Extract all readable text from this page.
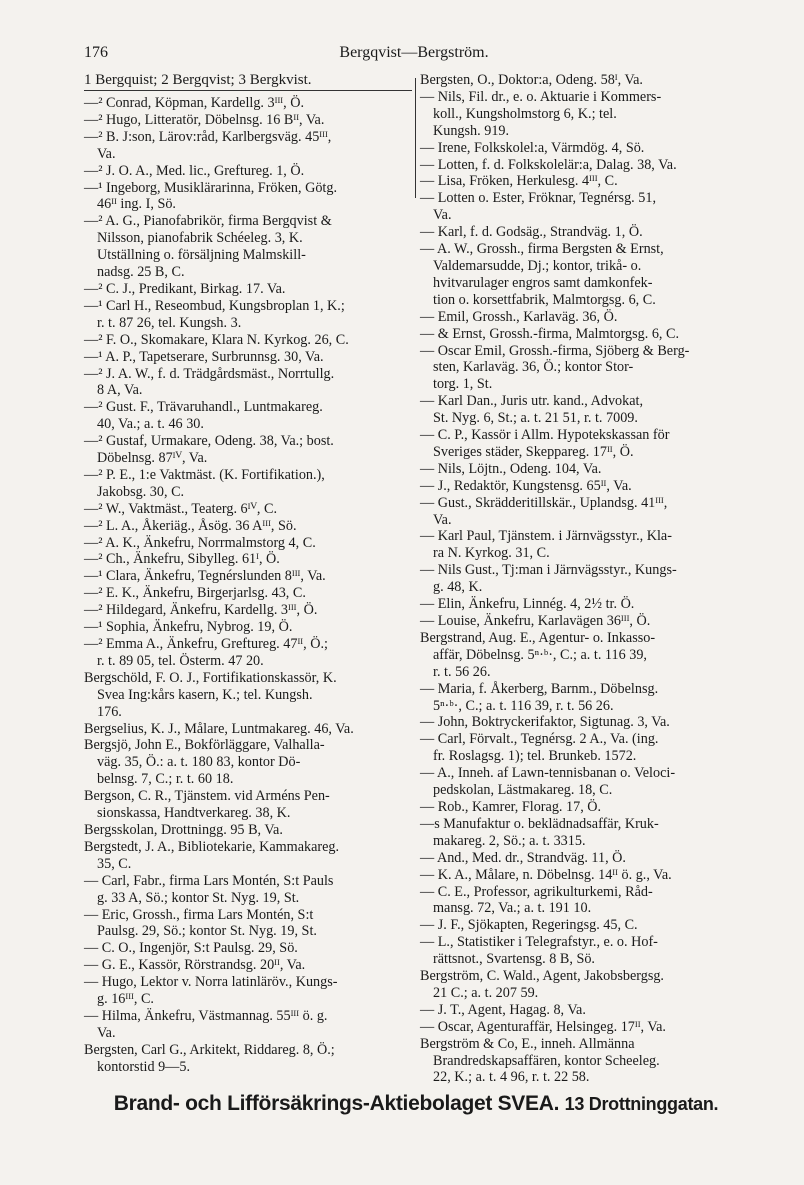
176	Bergqvist—Bergström.
1 Bergquist; 2 Bergqvist; 3 Bergkvist.
—² Conrad, Köpman, Kardellg. 3ᴵᴵᴵ, Ö.
—² Hugo, Litteratör, Döbelnsg. 16 Bᴵᴵ, Va.
—² B. J:son, Lärov:råd, Karlbergsväg. 45ᴵᴵᴵ,
Va.
—² J. O. A., Med. lic., Greftureg. 1, Ö.
—¹ Ingeborg, Musiklärarinna, Fröken, Götg.
46ᴵᴵ ing. I, Sö.
—² A. G., Pianofabrikör, firma Bergqvist &
Nilsson, pianofabrik Schéeleg. 3, K.
Utställning o. försäljning Malmskill-
nadsg. 25 B, C.
—² C. J., Predikant, Birkag. 17. Va.
—¹ Carl H., Reseombud, Kungsbroplan 1, K.;
r. t. 87 26, tel. Kungsh. 3.
—² F. O., Skomakare, Klara N. Kyrkog. 26, C.
—¹ A. P., Tapetserare, Surbrunnsg. 30, Va.
—² J. A. W., f. d. Trädgårdsmäst., Norrtullg.
8 A, Va.
—² Gust. F., Trävaruhandl., Luntmakareg.
40, Va.; a. t. 46 30.
—² Gustaf, Urmakare, Odeng. 38, Va.; bost.
Döbelnsg. 87ᴵⱽ, Va.
—² P. E., 1:e Vaktmäst. (K. Fortifikation.),
Jakobsg. 30, C.
—² W., Vaktmäst., Teaterg. 6ᴵⱽ, C.
—² L. A., Åkeriäg., Åsög. 36 Aᴵᴵᴵ, Sö.
—² A. K., Änkefru, Norrmalmstorg 4, C.
—² Ch., Änkefru, Sibylleg. 61ᴵ, Ö.
—¹ Clara, Änkefru, Tegnérslunden 8ᴵᴵᴵ, Va.
—² E. K., Änkefru, Birgerjarlsg. 43, C.
—² Hildegard, Änkefru, Kardellg. 3ᴵᴵᴵ, Ö.
—¹ Sophia, Änkefru, Nybrog. 19, Ö.
—² Emma A., Änkefru, Greftureg. 47ᴵᴵ, Ö.;
r. t. 89 05, tel. Österm. 47 20.
Bergschöld, F. O. J., Fortifikationskassör, K.
Svea Ing:kårs kasern, K.; tel. Kungsh.
176.
Bergselius, K. J., Målare, Luntmakareg. 46, Va.
Bergsjö, John E., Bokförläggare, Valhalla-
väg. 35, Ö.: a. t. 180 83, kontor Dö-
belnsg. 7, C.; r. t. 60 18.
Bergson, C. R., Tjänstem. vid Arméns Pen-
sionskassa, Handtverkareg. 38, K.
Bergsskolan, Drottningg. 95 B, Va.
Bergstedt, J. A., Bibliotekarie, Kammakareg.
35, C.
— Carl, Fabr., firma Lars Montén, S:t Pauls
g. 33 A, Sö.; kontor St. Nyg. 19, St.
— Eric, Grossh., firma Lars Montén, S:t
Paulsg. 29, Sö.; kontor St. Nyg. 19, St.
— C. O., Ingenjör, S:t Paulsg. 29, Sö.
— G. E., Kassör, Rörstrandsg. 20ᴵᴵ, Va.
— Hugo, Lektor v. Norra latinläröv., Kungs-
g. 16ᴵᴵᴵ, C.
— Hilma, Änkefru, Västmannag. 55ᴵᴵᴵ ö. g.
Va.
Bergsten, Carl G., Arkitekt, Riddareg. 8, Ö.;
kontorstid 9—5.
Bergsten, O., Doktor:a, Odeng. 58ᴵ, Va.
— Nils, Fil. dr., e. o. Aktuarie i Kommers-
koll., Kungsholmstorg 6, K.; tel.
Kungsh. 919.
— Irene, Folkskolel:a, Värmdög. 4, Sö.
— Lotten, f. d. Folkskolelär:a, Dalag. 38, Va.
— Lisa, Fröken, Herkulesg. 4ᴵᴵᴵ, C.
— Lotten o. Ester, Fröknar, Tegnérsg. 51,
Va.
— Karl, f. d. Godsäg., Strandväg. 1, Ö.
— A. W., Grossh., firma Bergsten & Ernst,
Valdemarsudde, Dj.; kontor, trikå- o.
hvitvarulager engros samt damkonfek-
tion o. korsettfabrik, Malmtorgsg. 6, C.
— Emil, Grossh., Karlaväg. 36, Ö.
— & Ernst, Grossh.-firma, Malmtorgsg. 6, C.
— Oscar Emil, Grossh.-firma, Sjöberg & Berg-
sten, Karlaväg. 36, Ö.; kontor Stor-
torg. 1, St.
— Karl Dan., Juris utr. kand., Advokat,
St. Nyg. 6, St.; a. t. 21 51, r. t. 7009.
— C. P., Kassör i Allm. Hypotekskassan för
Sveriges städer, Skeppareg. 17ᴵᴵ, Ö.
— Nils, Löjtn., Odeng. 104, Va.
— J., Redaktör, Kungstensg. 65ᴵᴵ, Va.
— Gust., Skrädderitillskär., Uplandsg. 41ᴵᴵᴵ,
Va.
— Karl Paul, Tjänstem. i Järnvägsstyr., Kla-
ra N. Kyrkog. 31, C.
— Nils Gust., Tj:man i Järnvägsstyr., Kungs-
g. 48, K.
— Elin, Änkefru, Linnég. 4, 2½ tr. Ö.
— Louise, Änkefru, Karlavägen 36ᴵᴵᴵ, Ö.
Bergstrand, Aug. E., Agentur- o. Inkasso-
affär, Döbelnsg. 5ⁿ·ᵇ·, C.; a. t. 116 39,
r. t. 56 26.
— Maria, f. Åkerberg, Barnm., Döbelnsg.
5ⁿ·ᵇ·, C.; a. t. 116 39, r. t. 56 26.
— John, Boktryckerifaktor, Sigtunag. 3, Va.
— Carl, Förvalt., Tegnérsg. 2 A., Va. (ing.
fr. Roslagsg. 1); tel. Brunkeb. 1572.
— A., Inneh. af Lawn-tennisbanan o. Veloci-
pedskolan, Lästmakareg. 18, C.
— Rob., Kamrer, Florag. 17, Ö.
—s Manufaktur o. beklädnadsaffär, Kruk-
makareg. 2, Sö.; a. t. 3315.
— And., Med. dr., Strandväg. 11, Ö.
— K. A., Målare, n. Döbelnsg. 14ᴵᴵ ö. g., Va.
— C. E., Professor, agrikulturkemi, Råd-
mansg. 72, Va.; a. t. 191 10.
— J. F., Sjökapten, Regeringsg. 45, C.
— L., Statistiker i Telegrafstyr., e. o. Hof-
rättsnot., Svartensg. 8 B, Sö.
Bergström, C. Wald., Agent, Jakobsbergsg.
21 C.; a. t. 207 59.
— J. T., Agent, Hagag. 8, Va.
— Oscar, Agenturaffär, Helsingeg. 17ᴵᴵ, Va.
Bergström & Co, E., inneh. Allmänna
Brandredskapsaffären, kontor Scheeleg.
22, K.; a. t. 4 96, r. t. 22 58.
Brand- och Lifförsäkrings-Aktiebolaget SVEA. 13 Drottninggatan.
